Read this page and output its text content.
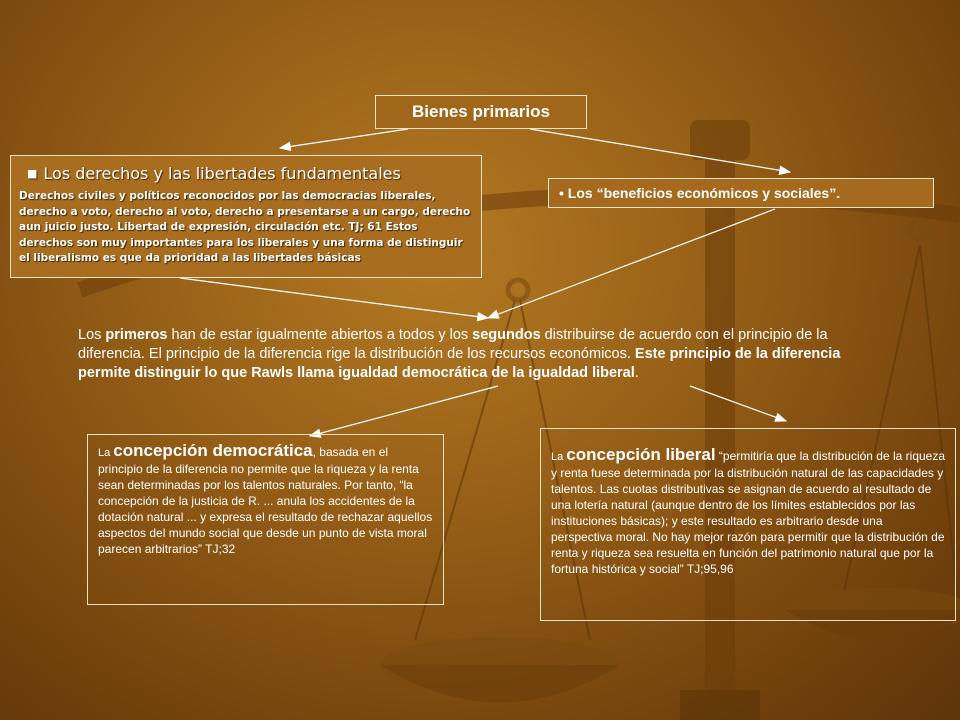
Bienes primarios
■ Los derechos y las libertades fundamentales
Derechos civiles y políticos reconocidos por las democracias liberales, derecho a voto, derecho al voto, derecho a presentarse a un cargo, derecho aun juicio justo. Libertad de expresión, circulación etc. TJ; 61 Estos derechos son muy importantes para los liberales y una forma de distinguir el liberalismo es que da prioridad a las libertades básicas
• Los “beneficios económicos y sociales”.
Los primeros han de estar igualmente abiertos a todos y los segundos distribuirse de acuerdo con el principio de la diferencia. El principio de la diferencia rige la distribución de los recursos económicos. Este principio de la diferencia permite distinguir lo que Rawls llama igualdad democrática de la igualdad liberal.
La concepción democrática, basada en el principio de la diferencia no permite que la riqueza y la renta sean determinadas por los talentos naturales. Por tanto, “la concepción de la justicia de R. ... anula los accidentes de la dotación natural ... y expresa el resultado de rechazar aquellos aspectos del mundo social que desde un punto de vista moral parecen arbitrarios” TJ;32
La concepción liberal “permitiría que la distribución de la riqueza y renta fuese determinada por la distribución natural de las capacidades y talentos. Las cuotas distributivas se asignan de acuerdo al resultado de una lotería natural (aunque dentro de los límites establecidos por las instituciones básicas); y este resultado es arbitrario desde una perspectiva moral. No hay mejor razón para permitir que la distribución de renta y riqueza sea resuelta en función del patrimonio natural que por la fortuna histórica y social” TJ;95,96
